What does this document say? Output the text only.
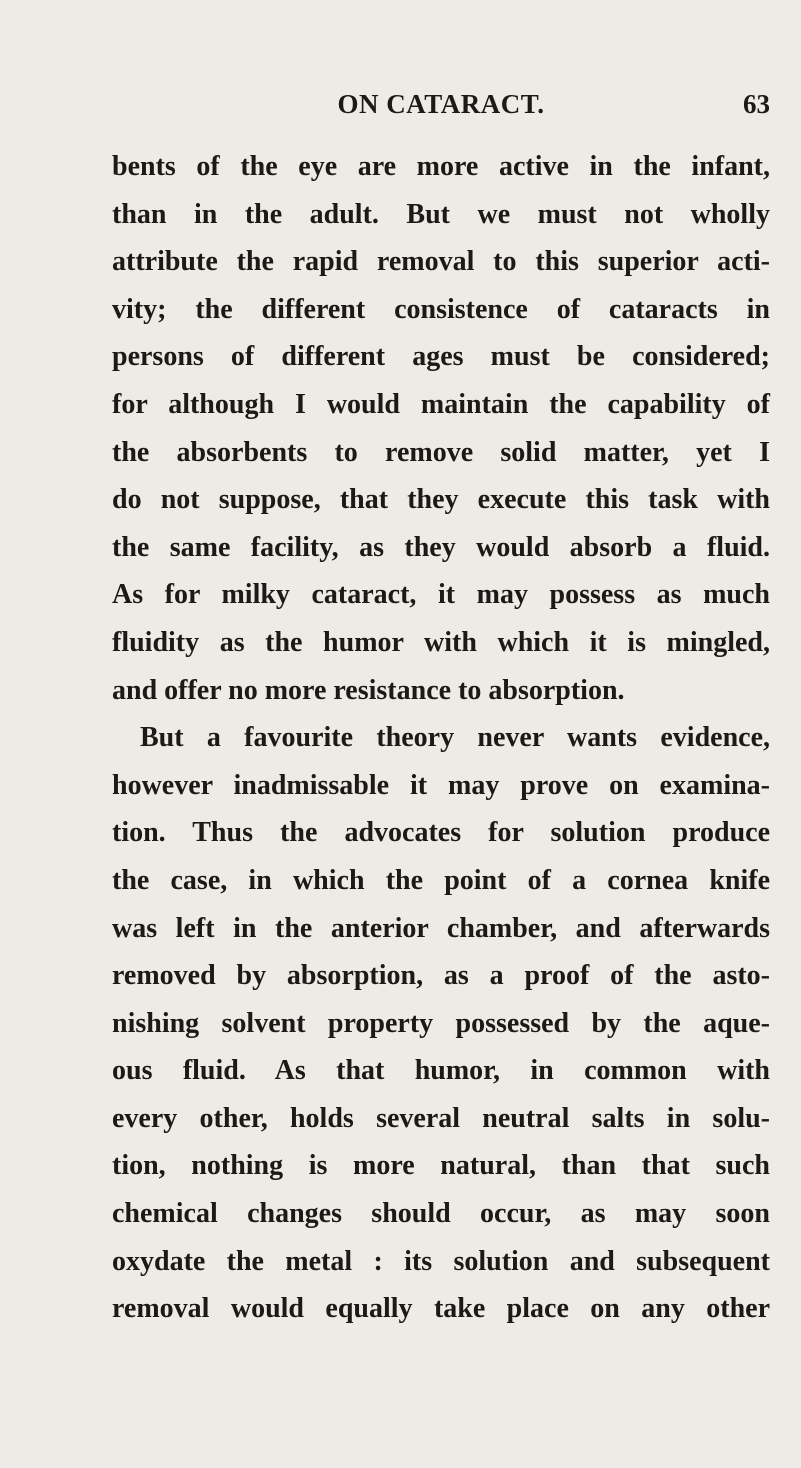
ON CATARACT.	63
bents of the eye are more active in the infant,
than in the adult. But we must not wholly
attribute the rapid removal to this superior acti-
vity; the different consistence of cataracts in
persons of different ages must be considered;
for although I would maintain the capability of
the absorbents to remove solid matter, yet I
do not suppose, that they execute this task with
the same facility, as they would absorb a fluid.
As for milky cataract, it may possess as much
fluidity as the humor with which it is mingled,
and offer no more resistance to absorption.
But a favourite theory never wants evidence,
however inadmissable it may prove on examina-
tion. Thus the advocates for solution produce
the case, in which the point of a cornea knife
was left in the anterior chamber, and afterwards
removed by absorption, as a proof of the asto-
nishing solvent property possessed by the aque-
ous fluid. As that humor, in common with
every other, holds several neutral salts in solu-
tion, nothing is more natural, than that such
chemical changes should occur, as may soon
oxydate the metal : its solution and subsequent
removal would equally take place on any other
